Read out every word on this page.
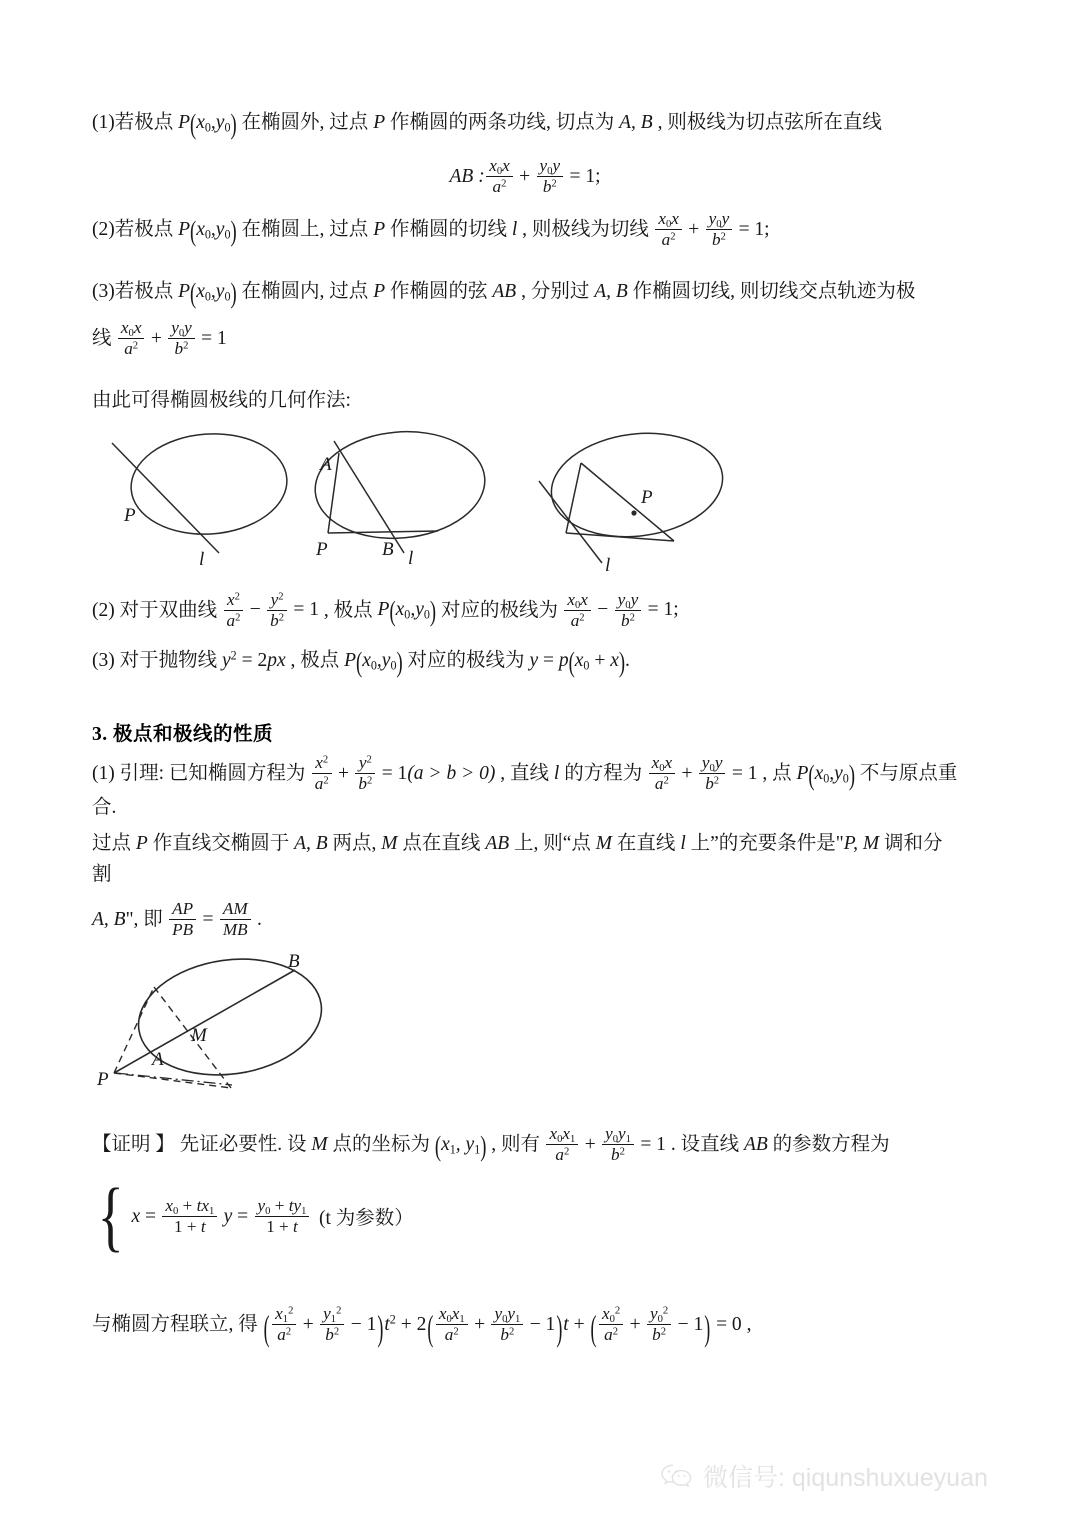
(1)若极点 $P(x_0,y_0)$ 在椭圆外, 过点 P 作椭圆的两条功线, 切点为 A, B , 则极线为切点弦所在直线

AB : $\frac{x_0x}{a^2} + \frac{y_0y}{b^2} = 1$;

(2)若极点 $P(x_0,y_0)$ 在椭圆上, 过点 P 作椭圆的切线 l , 则极线为切线 $\frac{x_0x}{a^2} + \frac{y_0y}{b^2} = 1$;

(3)若极点 $P(x_0,y_0)$ 在椭圆内, 过点 P 作椭圆的弦 AB , 分别过 A, B 作椭圆切线, 则切线交点轨迹为极

线 $\frac{x_0x}{a^2} + \frac{y_0y}{b^2} = 1$

由此可得椭圆极线的几何作法:

P
l	P
A
B l
P
l

(2) 对于双曲线 $\frac{x^2}{a^2} - \frac{y^2}{b^2} = 1$ , 极点 $P(x_0,y_0)$ 对应的极线为 $\frac{x_0x}{a^2} - \frac{y_0y}{b^2} = 1$;

(3) 对于抛物线 $y^2 = 2px$ , 极点 $P(x_0,y_0)$ 对应的极线为 $y = p(x_0 + x)$.

3. 极点和极线的性质

(1) 引理: 已知椭圆方程为 $\frac{x^2}{a^2} + \frac{y^2}{b^2} = 1(a > b > 0)$ , 直线 l 的方程为 $\frac{x_0x}{a^2} + \frac{y_0y}{b^2} = 1$ , 点 $P(x_0,y_0)$ 不与原点重合.

过点 P 作直线交椭圆于 A, B 两点, M 点在直线 AB 上, 则“点 M 在直线 l 上”的充要条件是"P, M 调和分割

A, B", 即 $\frac{AP}{PB} = \frac{AM}{MB}$ .

P
A
M
B

【证明 】 先证必要性. 设 M 点的坐标为 ($x_1$, $y_1$) , 则有 $\frac{x_0x_1}{a^2} + \frac{y_0y_1}{b^2} = 1$ . 设直线 AB 的参数方程为

{ $x = \frac{x_0 + tx_1}{1 + t}$ $y = \frac{y_0 + ty_1}{1 + t} (t$ 为参数）

与椭圆方程联立, 得 ( $\frac{x_1^2}{a^2} + \frac{y_1^2}{b^2} - 1)t^2 + 2( \frac{x_0x_1}{a^2} + \frac{y_0y_1}{b^2} - 1)t$ + ( $\frac{x_0^2}{a^2} + \frac{y_0^2}{b^2} - 1) = 0$ ,

微信号: qiqunshuxueyuan
